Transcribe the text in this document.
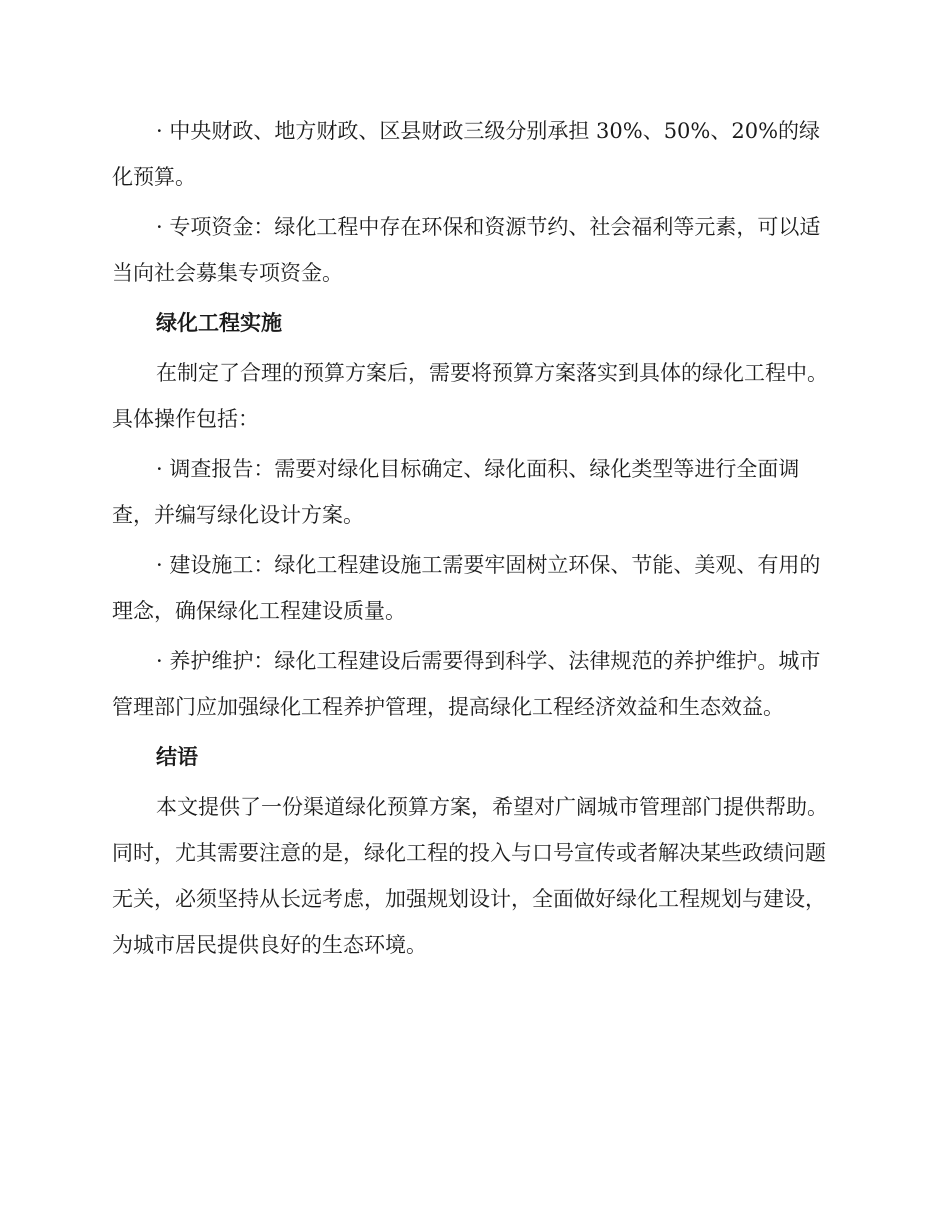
· 中央财政、地方财政、区县财政三级分别承担 30%、50%、20%的绿化预算。

· 专项资金：绿化工程中存在环保和资源节约、社会福利等元素，可以适当向社会募集专项资金。

绿化工程实施

在制定了合理的预算方案后，需要将预算方案落实到具体的绿化工程中。具体操作包括：

· 调查报告：需要对绿化目标确定、绿化面积、绿化类型等进行全面调查，并编写绿化设计方案。

· 建设施工：绿化工程建设施工需要牢固树立环保、节能、美观、有用的理念，确保绿化工程建设质量。

· 养护维护：绿化工程建设后需要得到科学、法律规范的养护维护。城市管理部门应加强绿化工程养护管理，提高绿化工程经济效益和生态效益。

结语

本文提供了一份渠道绿化预算方案，希望对广阔城市管理部门提供帮助。同时，尤其需要注意的是，绿化工程的投入与口号宣传或者解决某些政绩问题无关，必须坚持从长远考虑，加强规划设计，全面做好绿化工程规划与建设，为城市居民提供良好的生态环境。
